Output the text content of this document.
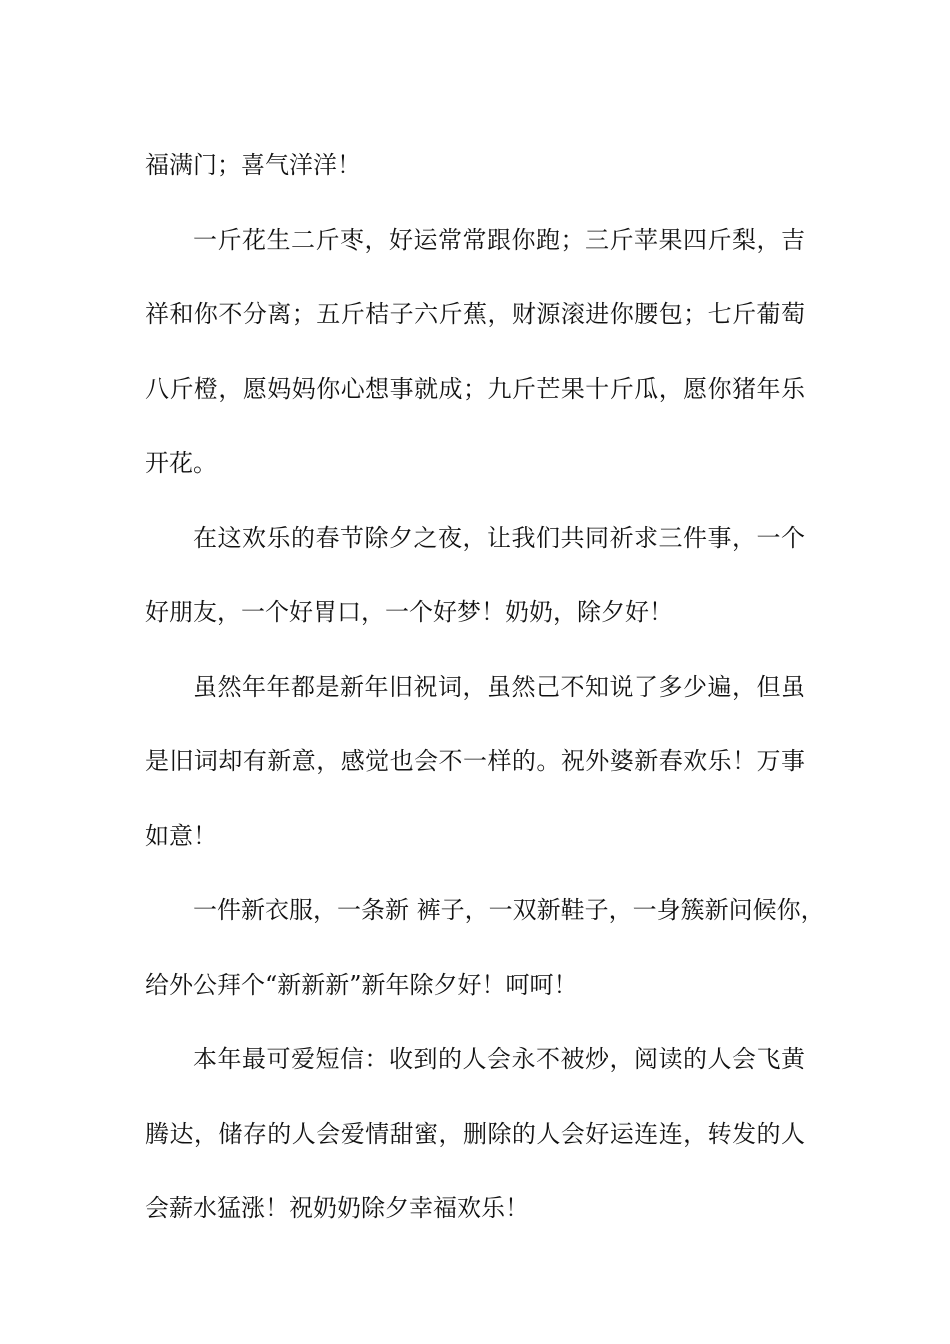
福满门；喜气洋洋！
一斤花生二斤枣，好运常常跟你跑；三斤苹果四斤梨，吉
祥和你不分离；五斤桔子六斤蕉，财源滚进你腰包；七斤葡萄
八斤橙，愿妈妈你心想事就成；九斤芒果十斤瓜，愿你猪年乐
开花。
在这欢乐的春节除夕之夜，让我们共同祈求三件事，一个
好朋友，一个好胃口，一个好梦！奶奶，除夕好！
虽然年年都是新年旧祝词，虽然己不知说了多少遍，但虽
是旧词却有新意，感觉也会不一样的。祝外婆新春欢乐！万事
如意！
一件新衣服，一条新 裤子，一双新鞋子，一身簇新问候你，
给外公拜个“新新新”新年除夕好！呵呵！
本年最可爱短信：收到的人会永不被炒，阅读的人会飞黄
腾达，储存的人会爱情甜蜜，删除的人会好运连连，转发的人
会薪水猛涨！祝奶奶除夕幸福欢乐！
